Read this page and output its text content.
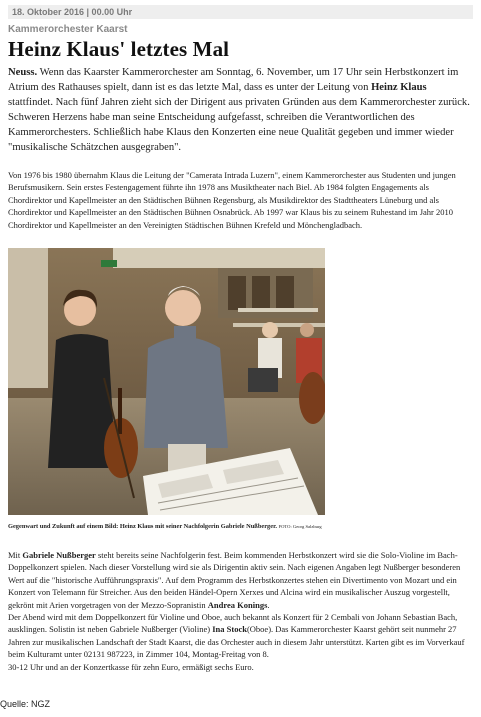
18. Oktober 2016 | 00.00 Uhr
Kammerorchester Kaarst
Heinz Klaus' letztes Mal

Neuss. Wenn das Kaarster Kammerorchester am Sonntag, 6. November, um 17 Uhr sein Herbstkonzert im Atrium des Rathauses spielt, dann ist es das letzte Mal, dass es unter der Leitung von Heinz Klaus stattfindet. Nach fünf Jahren zieht sich der Dirigent aus privaten Gründen aus dem Kammerorchester zurück. Schweren Herzens habe man seine Entscheidung aufgefasst, schreiben die Verantwortlichen des Kammerorchesters. Schließlich habe Klaus den Konzerten eine neue Qualität gegeben und immer wieder "musikalische Schätzchen ausgegraben".

Von 1976 bis 1980 übernahm Klaus die Leitung der "Camerata Intrada Luzern", einem Kammerorchester aus Studenten und jungen Berufsmusikern. Sein erstes Festengagement führte ihn 1978 ans Musiktheater nach Biel. Ab 1984 folgten Engagements als Chordirektor und Kapellmeister an den Städtischen Bühnen Regensburg, als Musikdirektor des Stadttheaters Lüneburg und als Chordirektor und Kapellmeister an den Städtischen Bühnen Osnabrück. Ab 1997 war Klaus bis zu seinem Ruhestand im Jahr 2010 Chordirektor und Kapellmeister an den Vereinigten Städtischen Bühnen Krefeld und Mönchengladbach.

Gegenwart und Zukunft auf einem Bild: Heinz Klaus mit seiner Nachfolgerin Gabriele Nußberger. FOTO: Georg Salzburg

Mit Gabriele Nußberger steht bereits seine Nachfolgerin fest. Beim kommenden Herbstkonzert wird sie die Solo-Violine im Bach-Doppelkonzert spielen. Nach dieser Vorstellung wird sie als Dirigentin aktiv sein. Nach eigenen Angaben legt Nußberger besonderen Wert auf die "historische Aufführungspraxis". Auf dem Programm des Herbstkonzertes stehen ein Divertimento von Mozart und ein Konzert von Telemann für Streicher. Aus den beiden Händel-Opern Xerxes und Alcina wird ein musikalischer Auszug vorgestellt, gekrönt mit Arien vorgetragen von der Mezzo-Sopranistin Andrea Konings.
Der Abend wird mit dem Doppelkonzert für Violine und Oboe, auch bekannt als Konzert für 2 Cembali von Johann Sebastian Bach, ausklingen. Solistin ist neben Gabriele Nußberger (Violine) Ina Stock(Oboe). Das Kammerorchester Kaarst gehört seit nunmehr 27 Jahren zur musikalischen Landschaft der Stadt Kaarst, die das Orchester auch in diesem Jahr unterstützt. Karten gibt es im Vorverkauf beim Kulturamt unter 02131 987223, in Zimmer 104, Montag-Freitag von 8.
30-12 Uhr und an der Konzertkasse für zehn Euro, ermäßigt sechs Euro.

Quelle: NGZ
